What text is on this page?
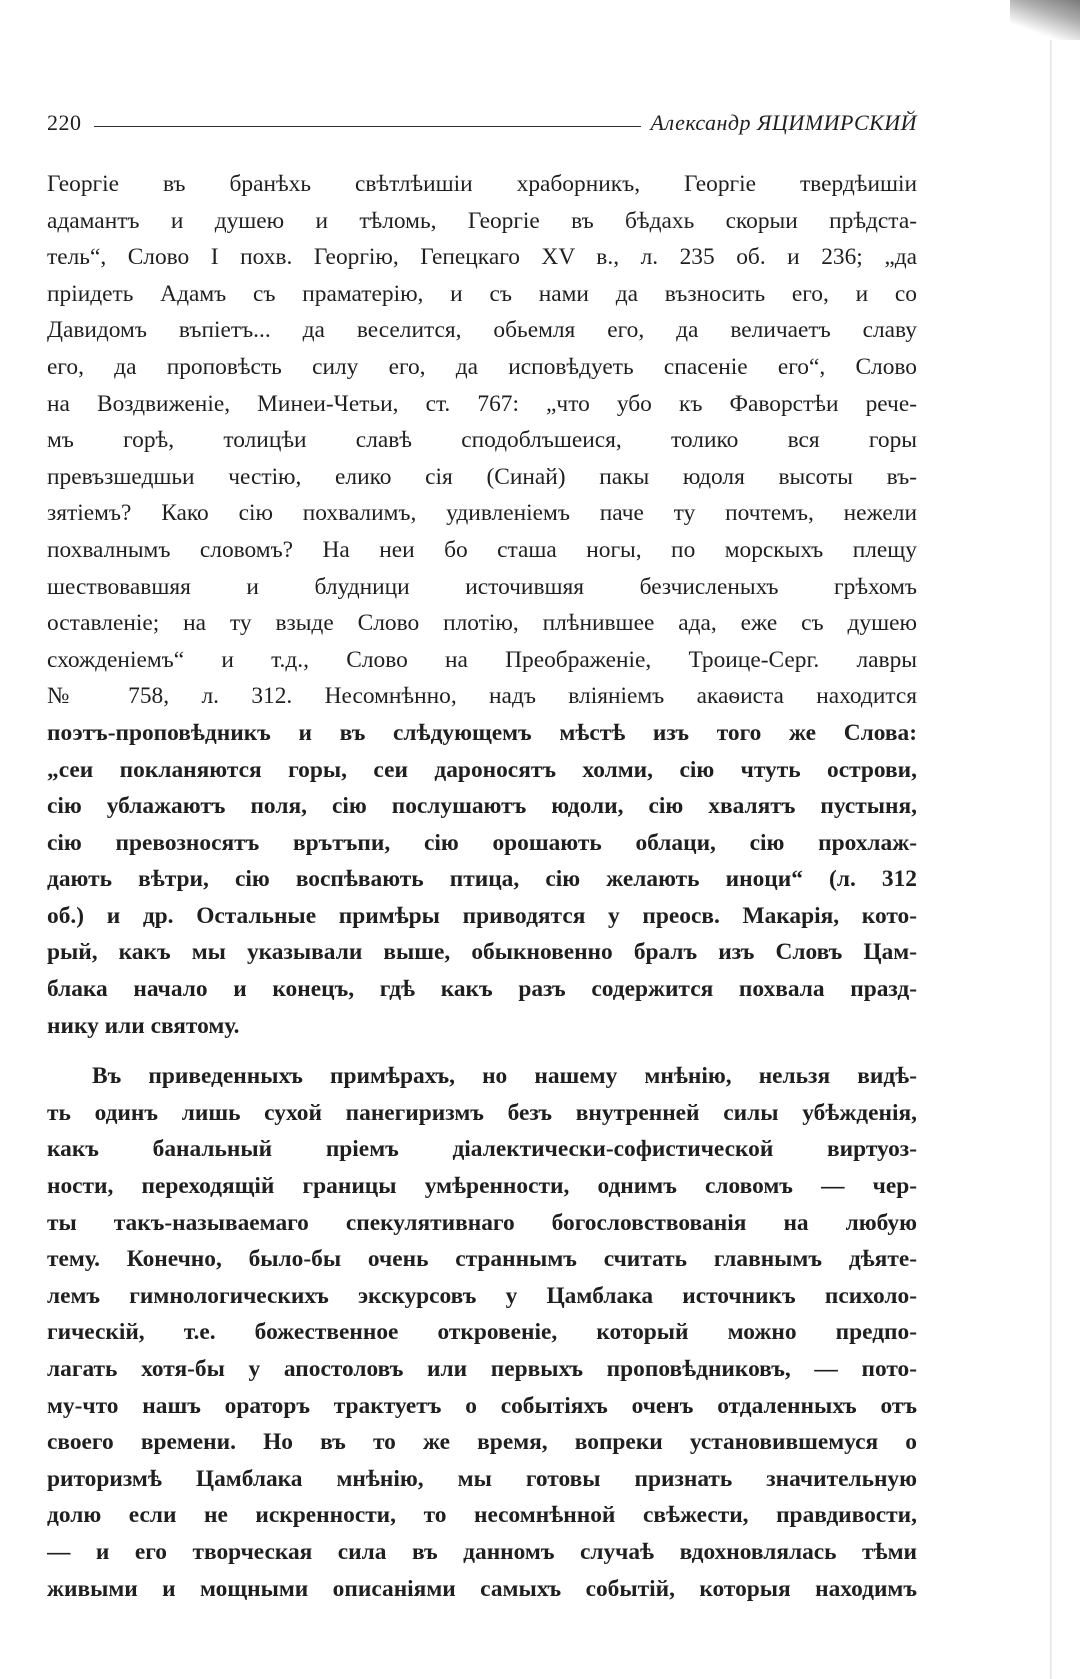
220	Александр ЯЦИМИРСКИЙ
Георгіе въ бранѣхь свѣтлѣишіи храборникъ, Георгіе твердѣишіи
адамантъ и душею и тѣломь, Георгіе въ бѣдахь скорыи прѣдста-
тель“, Слово І похв. Георгію, Гепецкаго XV в., л. 235 об. и 236; „да
пріидеть Адамъ съ праматерію, и съ нами да възносить его, и со
Давидомъ въпіетъ... да веселится, обьемля его, да величаетъ славу
его, да проповѣсть силу его, да исповѣдуеть спасеніе его“, Слово
на Воздвиженіе, Минеи-Четьи, ст. 767: „что убо къ Фаворстѣи рече-
мъ горѣ, толицѣи славѣ сподоблъшеися, толико вся горы
превъзшедшьи честію, елико сія (Синай) пакы юдоля высоты въ-
зятіемъ? Како сію похвалимъ, удивленіемъ паче ту почтемъ, нежели
похвалнымъ словомъ? На неи бо сташа ногы, по морскыхъ плещу
шествовавшяя и блудници источившяя безчисленыхъ грѣхомъ
оставленіе; на ту взыде Слово плотію, плѣнившее ада, еже съ душею
схожденіемъ“ и т.д., Слово на Преображеніе, Троице-Серг. лавры
№ 758, л. 312. Несомнѣнно, надъ вліяніемъ акаѳиста находится
поэтъ-проповѣдникъ и въ слѣдующемъ мѣстѣ изъ того же Слова:
„сеи покланяются горы, сеи дароносятъ холми, сію чтуть острови,
сію ублажаютъ поля, сію послушаютъ юдоли, сію хвалятъ пустыня,
сію превозносятъ врътъпи, сію орошають облаци, сію прохлаж-
дають вѣтри, сію воспѣвають птица, сію желають иноци“ (л. 312
об.) и др. Остальные примѣры приводятся у преосв. Макарія, кото-
рый, какъ мы указывали выше, обыкновенно бралъ изъ Словъ Цам-
блака начало и конецъ, гдѣ какъ разъ содержится похвала празд-
нику или святому.
Въ приведенныхъ примѣрахъ, но нашему мнѣнію, нельзя видѣ-
ть одинъ лишь сухой панегиризмъ безъ внутренней силы убѣжденія,
какъ банальный пріемъ діалектически-софистической виртуоз-
ности, переходящій границы умѣренности, однимъ словомъ — чер-
ты такъ-называемаго спекулятивнаго богословствованія на любую
тему. Конечно, было-бы очень страннымъ считать главнымъ дѣяте-
лемъ гимнологическихъ экскурсовъ у Цамблака источникъ психоло-
гическій, т.е. божественное откровеніе, который можно предпо-
лагать хотя-бы у апостоловъ или первыхъ проповѣдниковъ, — пото-
му-что нашъ ораторъ трактуетъ о событіяхъ оченъ отдаленныхъ отъ
своего времени. Но въ то же время, вопреки установившемуся о
риторизмѣ Цамблака мнѣнію, мы готовы признать значительную
долю если не искренности, то несомнѣнной свѣжести, правдивости,
— и его творческая сила въ данномъ случаѣ вдохновлялась тѣми
живыми и мощными описаніями самыхъ событій, которыя находимъ
